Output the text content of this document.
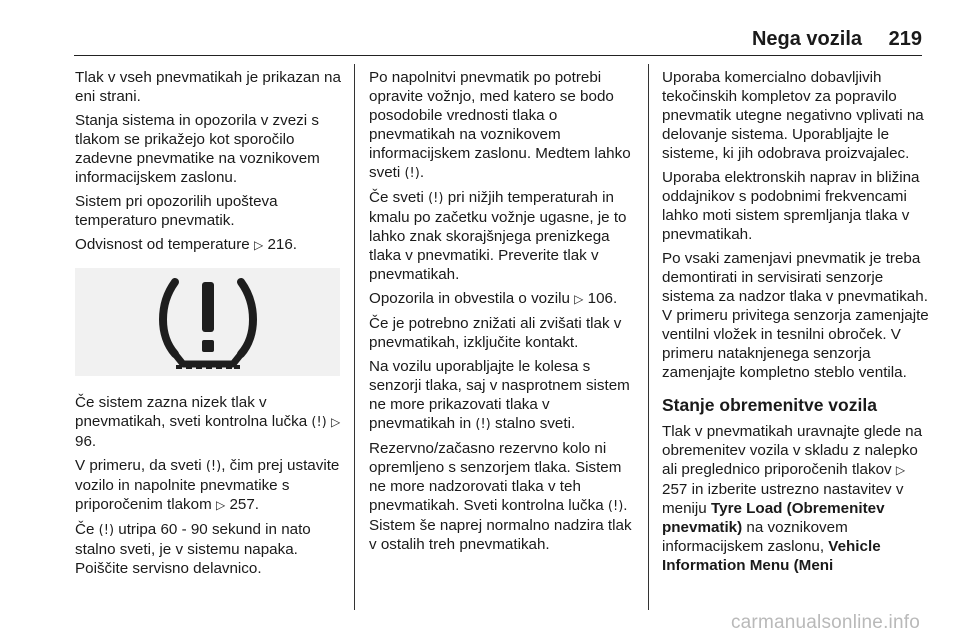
Nega vozila 219

Tlak v vseh pnevmatikah je prikazan na eni strani.

Stanja sistema in opozorila v zvezi s tlakom se prikažejo kot sporočilo zadevne pnevmatike na voznikovem informacijskem zaslonu.

Sistem pri opozorilih upošteva temperaturo pnevmatik.

Odvisnost od temperature ▷ 216.

Če sistem zazna nizek tlak v pnevmatikah, sveti kontrolna lučka (!) ▷ 96.

V primeru, da sveti (!), čim prej ustavite vozilo in napolnite pnevmatike s priporočenim tlakom ▷ 257.

Če (!) utripa 60 - 90 sekund in nato stalno sveti, je v sistemu napaka. Poiščite servisno delavnico.

Po napolnitvi pnevmatik po potrebi opravite vožnjo, med katero se bodo posodobile vrednosti tlaka o pnevmatikah na voznikovem informacijskem zaslonu. Medtem lahko sveti (!).

Če sveti (!) pri nižjih temperaturah in kmalu po začetku vožnje ugasne, je to lahko znak skorajšnjega prenizkega tlaka v pnevmatiki. Preverite tlak v pnevmatikah.

Opozorila in obvestila o vozilu ▷ 106.

Če je potrebno znižati ali zvišati tlak v pnevmatikah, izključite kontakt.

Na vozilu uporabljajte le kolesa s senzorji tlaka, saj v nasprotnem sistem ne more prikazovati tlaka v pnevmatikah in (!) stalno sveti.

Rezervno/začasno rezervno kolo ni opremljeno s senzorjem tlaka. Sistem ne more nadzorovati tlaka v teh pnevmatikah. Sveti kontrolna lučka (!). Sistem še naprej normalno nadzira tlak v ostalih treh pnevmatikah.

Uporaba komercialno dobavljivih tekočinskih kompletov za popravilo pnevmatik utegne negativno vplivati na delovanje sistema. Uporabljajte le sisteme, ki jih odobrava proizvajalec.

Uporaba elektronskih naprav in bližina oddajnikov s podobnimi frekvencami lahko moti sistem spremljanja tlaka v pnevmatikah.

Po vsaki zamenjavi pnevmatik je treba demontirati in servisirati senzorje sistema za nadzor tlaka v pnevmatikah. V primeru privitega senzorja zamenjajte ventilni vložek in tesnilni obroček. V primeru nataknjenega senzorja zamenjajte kompletno steblo ventila.

Stanje obremenitve vozila

Tlak v pnevmatikah uravnajte glede na obremenitev vozila v skladu z nalepko ali preglednico priporočenih tlakov ▷ 257 in izberite ustrezno nastavitev v meniju Tyre Load (Obremenitev pnevmatik) na voznikovem informacijskem zaslonu, Vehicle Information Menu (Meni

carmanualsonline.info
